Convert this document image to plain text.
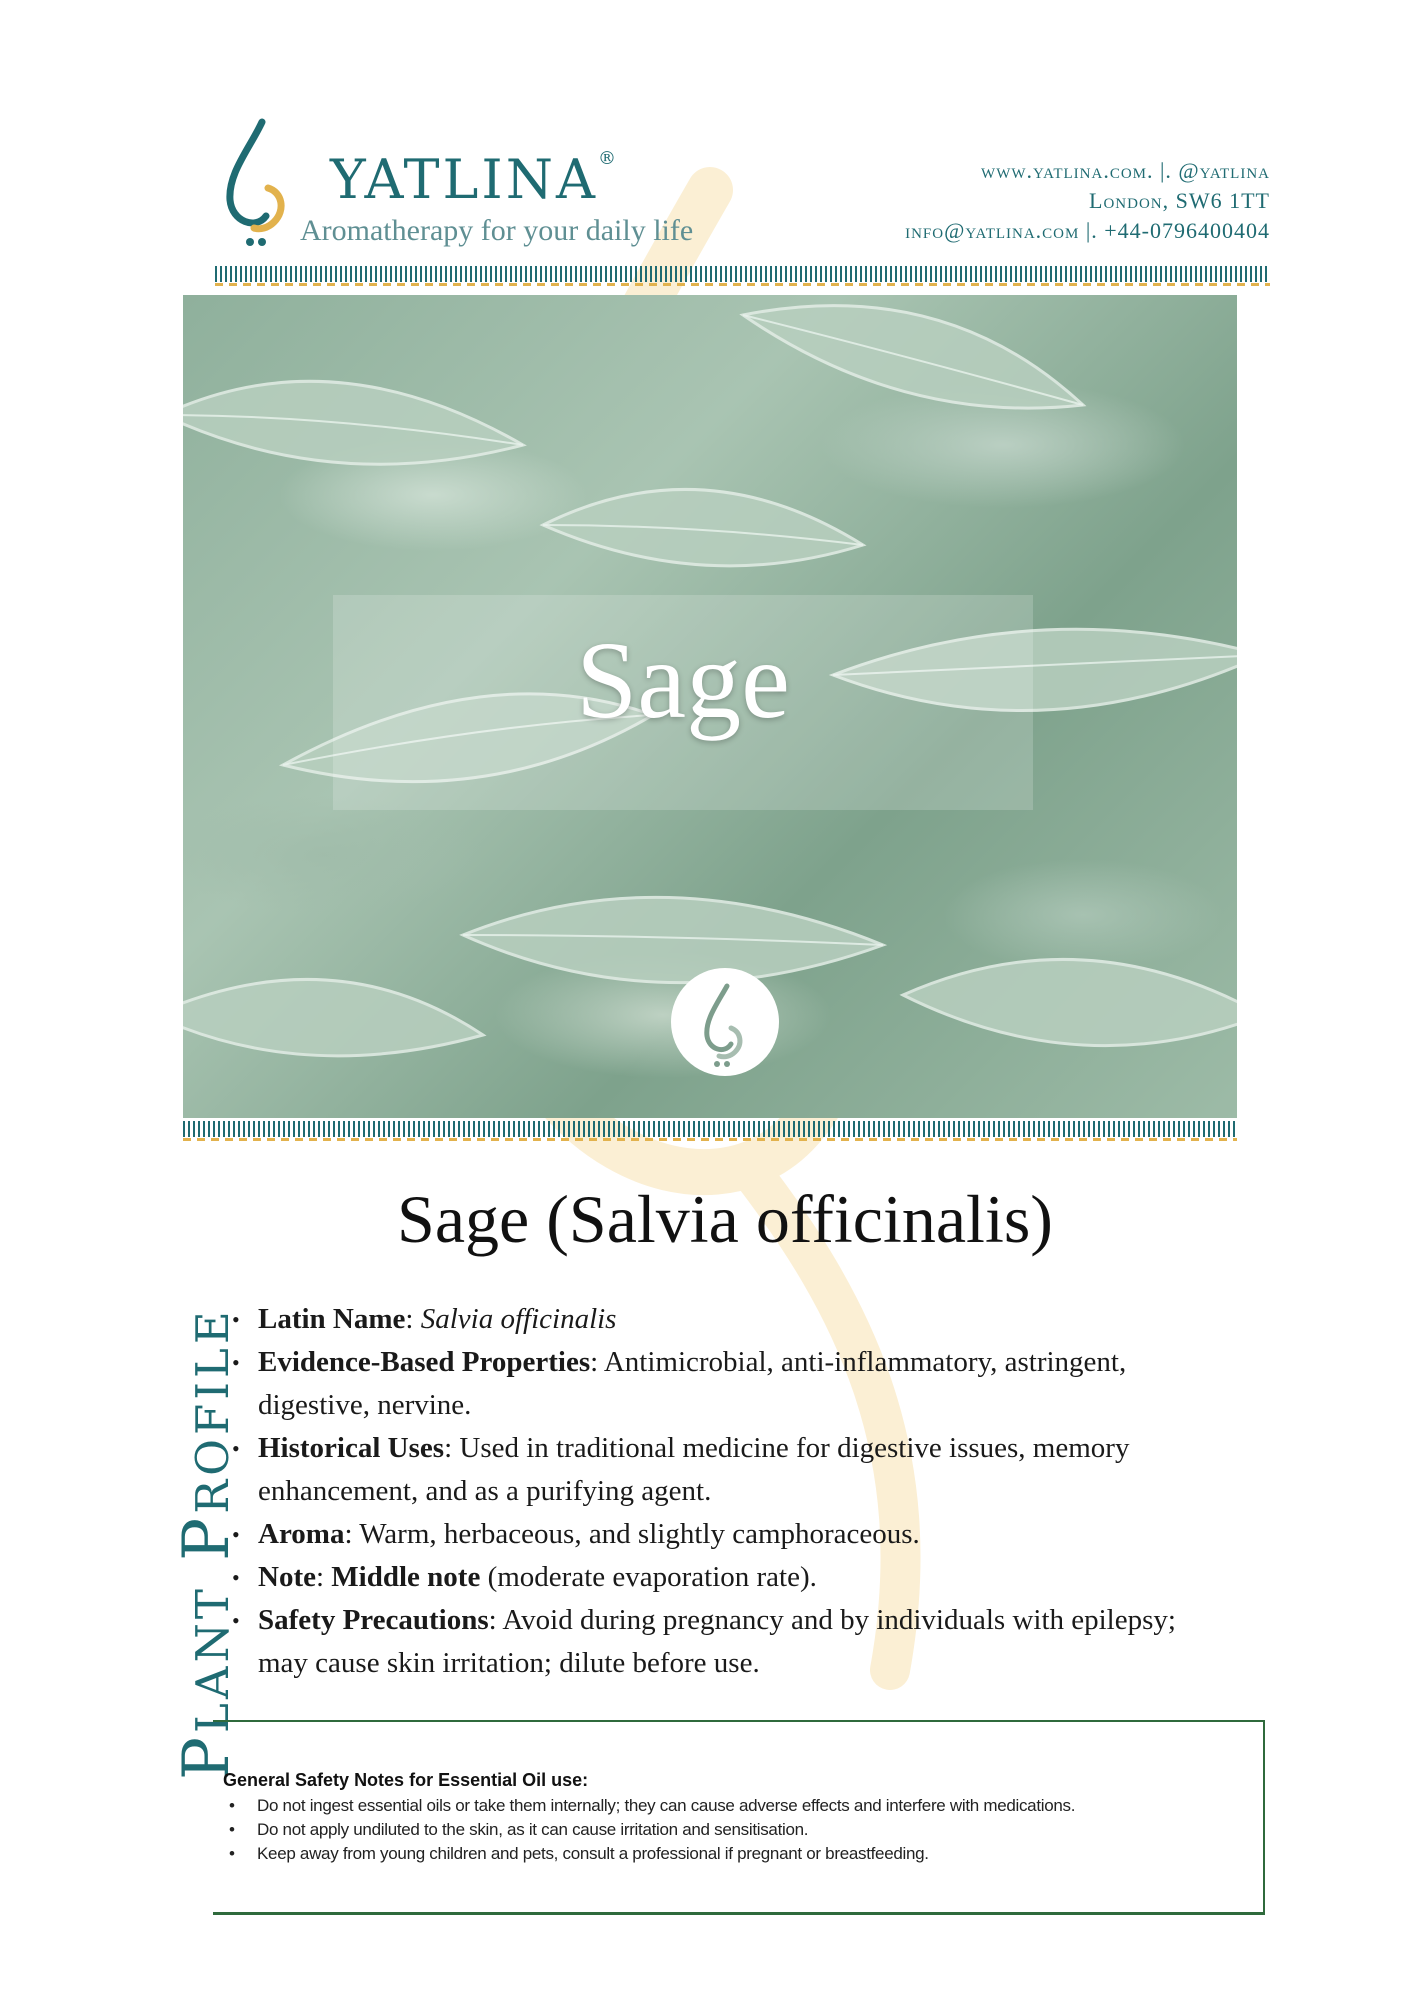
YATLINA®
Aromatherapy for your daily life
www.yatlina.com. |. @yatlina
London, SW6 1TT
info@yatlina.com |. +44-0796400404
Sage
Plant Profile
Sage (Salvia officinalis)
• Latin Name: Salvia officinalis
• Evidence-Based Properties: Antimicrobial, anti-inflammatory, astringent, digestive, nervine.
• Historical Uses: Used in traditional medicine for digestive issues, memory enhancement, and as a purifying agent.
• Aroma: Warm, herbaceous, and slightly camphoraceous.
• Note: Middle note (moderate evaporation rate).
• Safety Precautions: Avoid during pregnancy and by individuals with epilepsy; may cause skin irritation; dilute before use.
General Safety Notes for Essential Oil use:
• Do not ingest essential oils or take them internally; they can cause adverse effects and interfere with medications.
• Do not apply undiluted to the skin, as it can cause irritation and sensitisation.
• Keep away from young children and pets, consult a professional if pregnant or breastfeeding.
